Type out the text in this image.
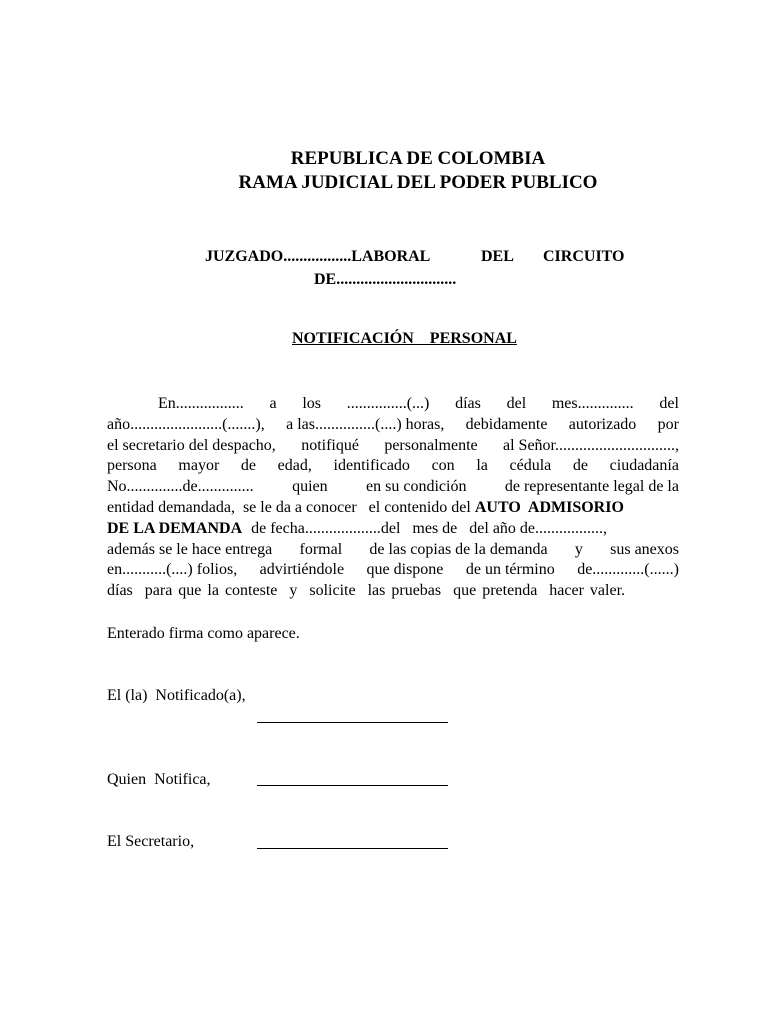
REPUBLICA DE COLOMBIA
RAMA JUDICIAL DEL PODER PUBLICO
JUZGADO.................LABORAL	DEL CIRCUITO
DE..............................
NOTIFICACIÓN    PERSONAL
En................. a los ...............(...) días del mes.............. del
año.......................(.......), a las...............(....) horas, debidamente autorizado por
el secretario del despacho, notifiqué personalmente al Señor..............................,
persona mayor de edad, identificado con la cédula de ciudadanía
No..............de.............. quien en su condición de representante legal de la
entidad demandada,  se le da a conocer   el contenido del AUTO  ADMISORIO
DE LA DEMANDA de fecha...................del   mes de   del año de.................,
además se le hace entrega formal de las copias de la demanda y sus anexos
en...........(....) folios, advirtiéndole que dispone de un término de.............(......)
días  para que la conteste  y  solicite  las pruebas  que pretenda  hacer valer.
Enterado firma como aparece.
El (la)  Notificado(a),
Quien  Notifica,
El Secretario,
